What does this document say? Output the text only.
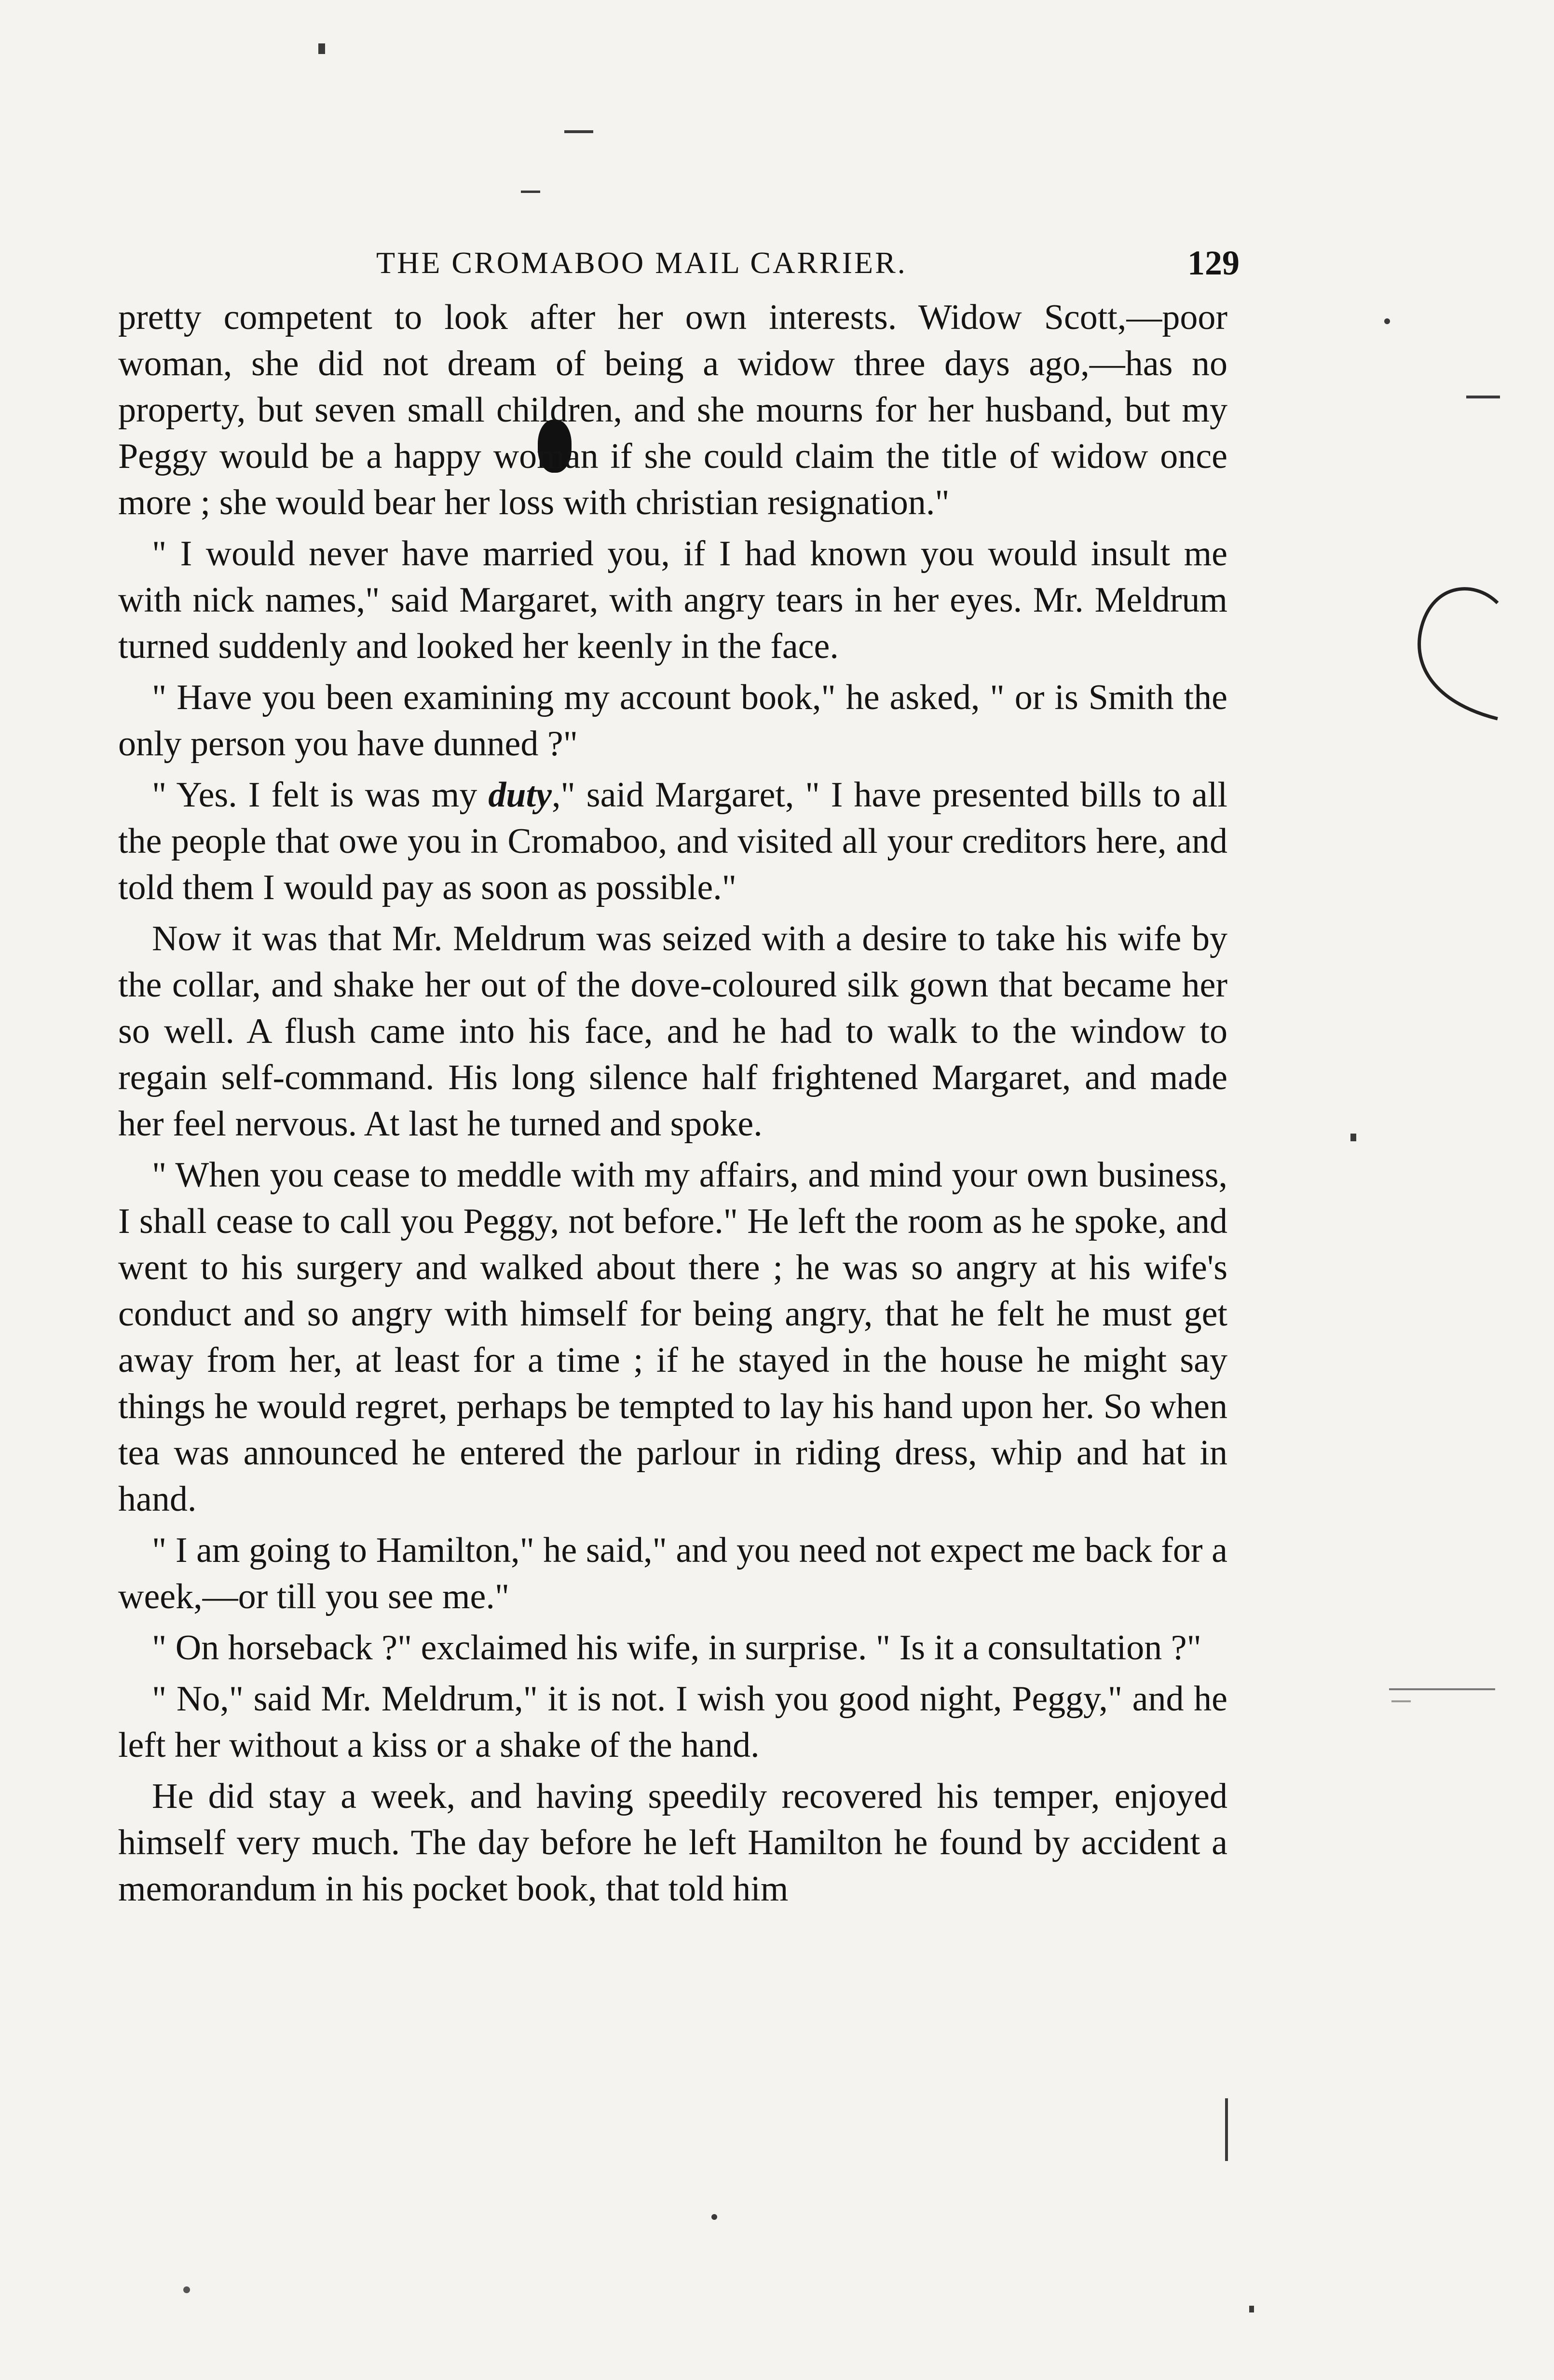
THE CROMABOO MAIL CARRIER.	129

pretty competent to look after her own interests. Widow Scott,—poor woman, she did not dream of being a widow three days ago,—has no property, but seven small children, and she mourns for her husband, but my Peggy would be a happy woman if she could claim the title of widow once more ; she would bear her loss with christian resignation."

" I would never have married you, if I had known you would insult me with nick names," said Margaret, with angry tears in her eyes. Mr. Meldrum turned suddenly and looked her keenly in the face.

" Have you been examining my account book," he asked, " or is Smith the only person you have dunned ?"

" Yes. I felt is was my duty," said Margaret, " I have presented bills to all the people that owe you in Cromaboo, and visited all your creditors here, and told them I would pay as soon as possible."

Now it was that Mr. Meldrum was seized with a desire to take his wife by the collar, and shake her out of the dove-coloured silk gown that became her so well. A flush came into his face, and he had to walk to the window to regain self-command. His long silence half frightened Margaret, and made her feel nervous. At last he turned and spoke.

" When you cease to meddle with my affairs, and mind your own business, I shall cease to call you Peggy, not before." He left the room as he spoke, and went to his surgery and walked about there ; he was so angry at his wife's conduct and so angry with himself for being angry, that he felt he must get away from her, at least for a time ; if he stayed in the house he might say things he would regret, perhaps be tempted to lay his hand upon her. So when tea was announced he entered the parlour in riding dress, whip and hat in hand.

" I am going to Hamilton," he said," and you need not expect me back for a week,—or till you see me."

" On horseback ?" exclaimed his wife, in surprise. " Is it a consultation ?"

" No," said Mr. Meldrum," it is not. I wish you good night, Peggy," and he left her without a kiss or a shake of the hand.

He did stay a week, and having speedily recovered his temper, enjoyed himself very much. The day before he left Hamilton he found by accident a memorandum in his pocket book, that told him
